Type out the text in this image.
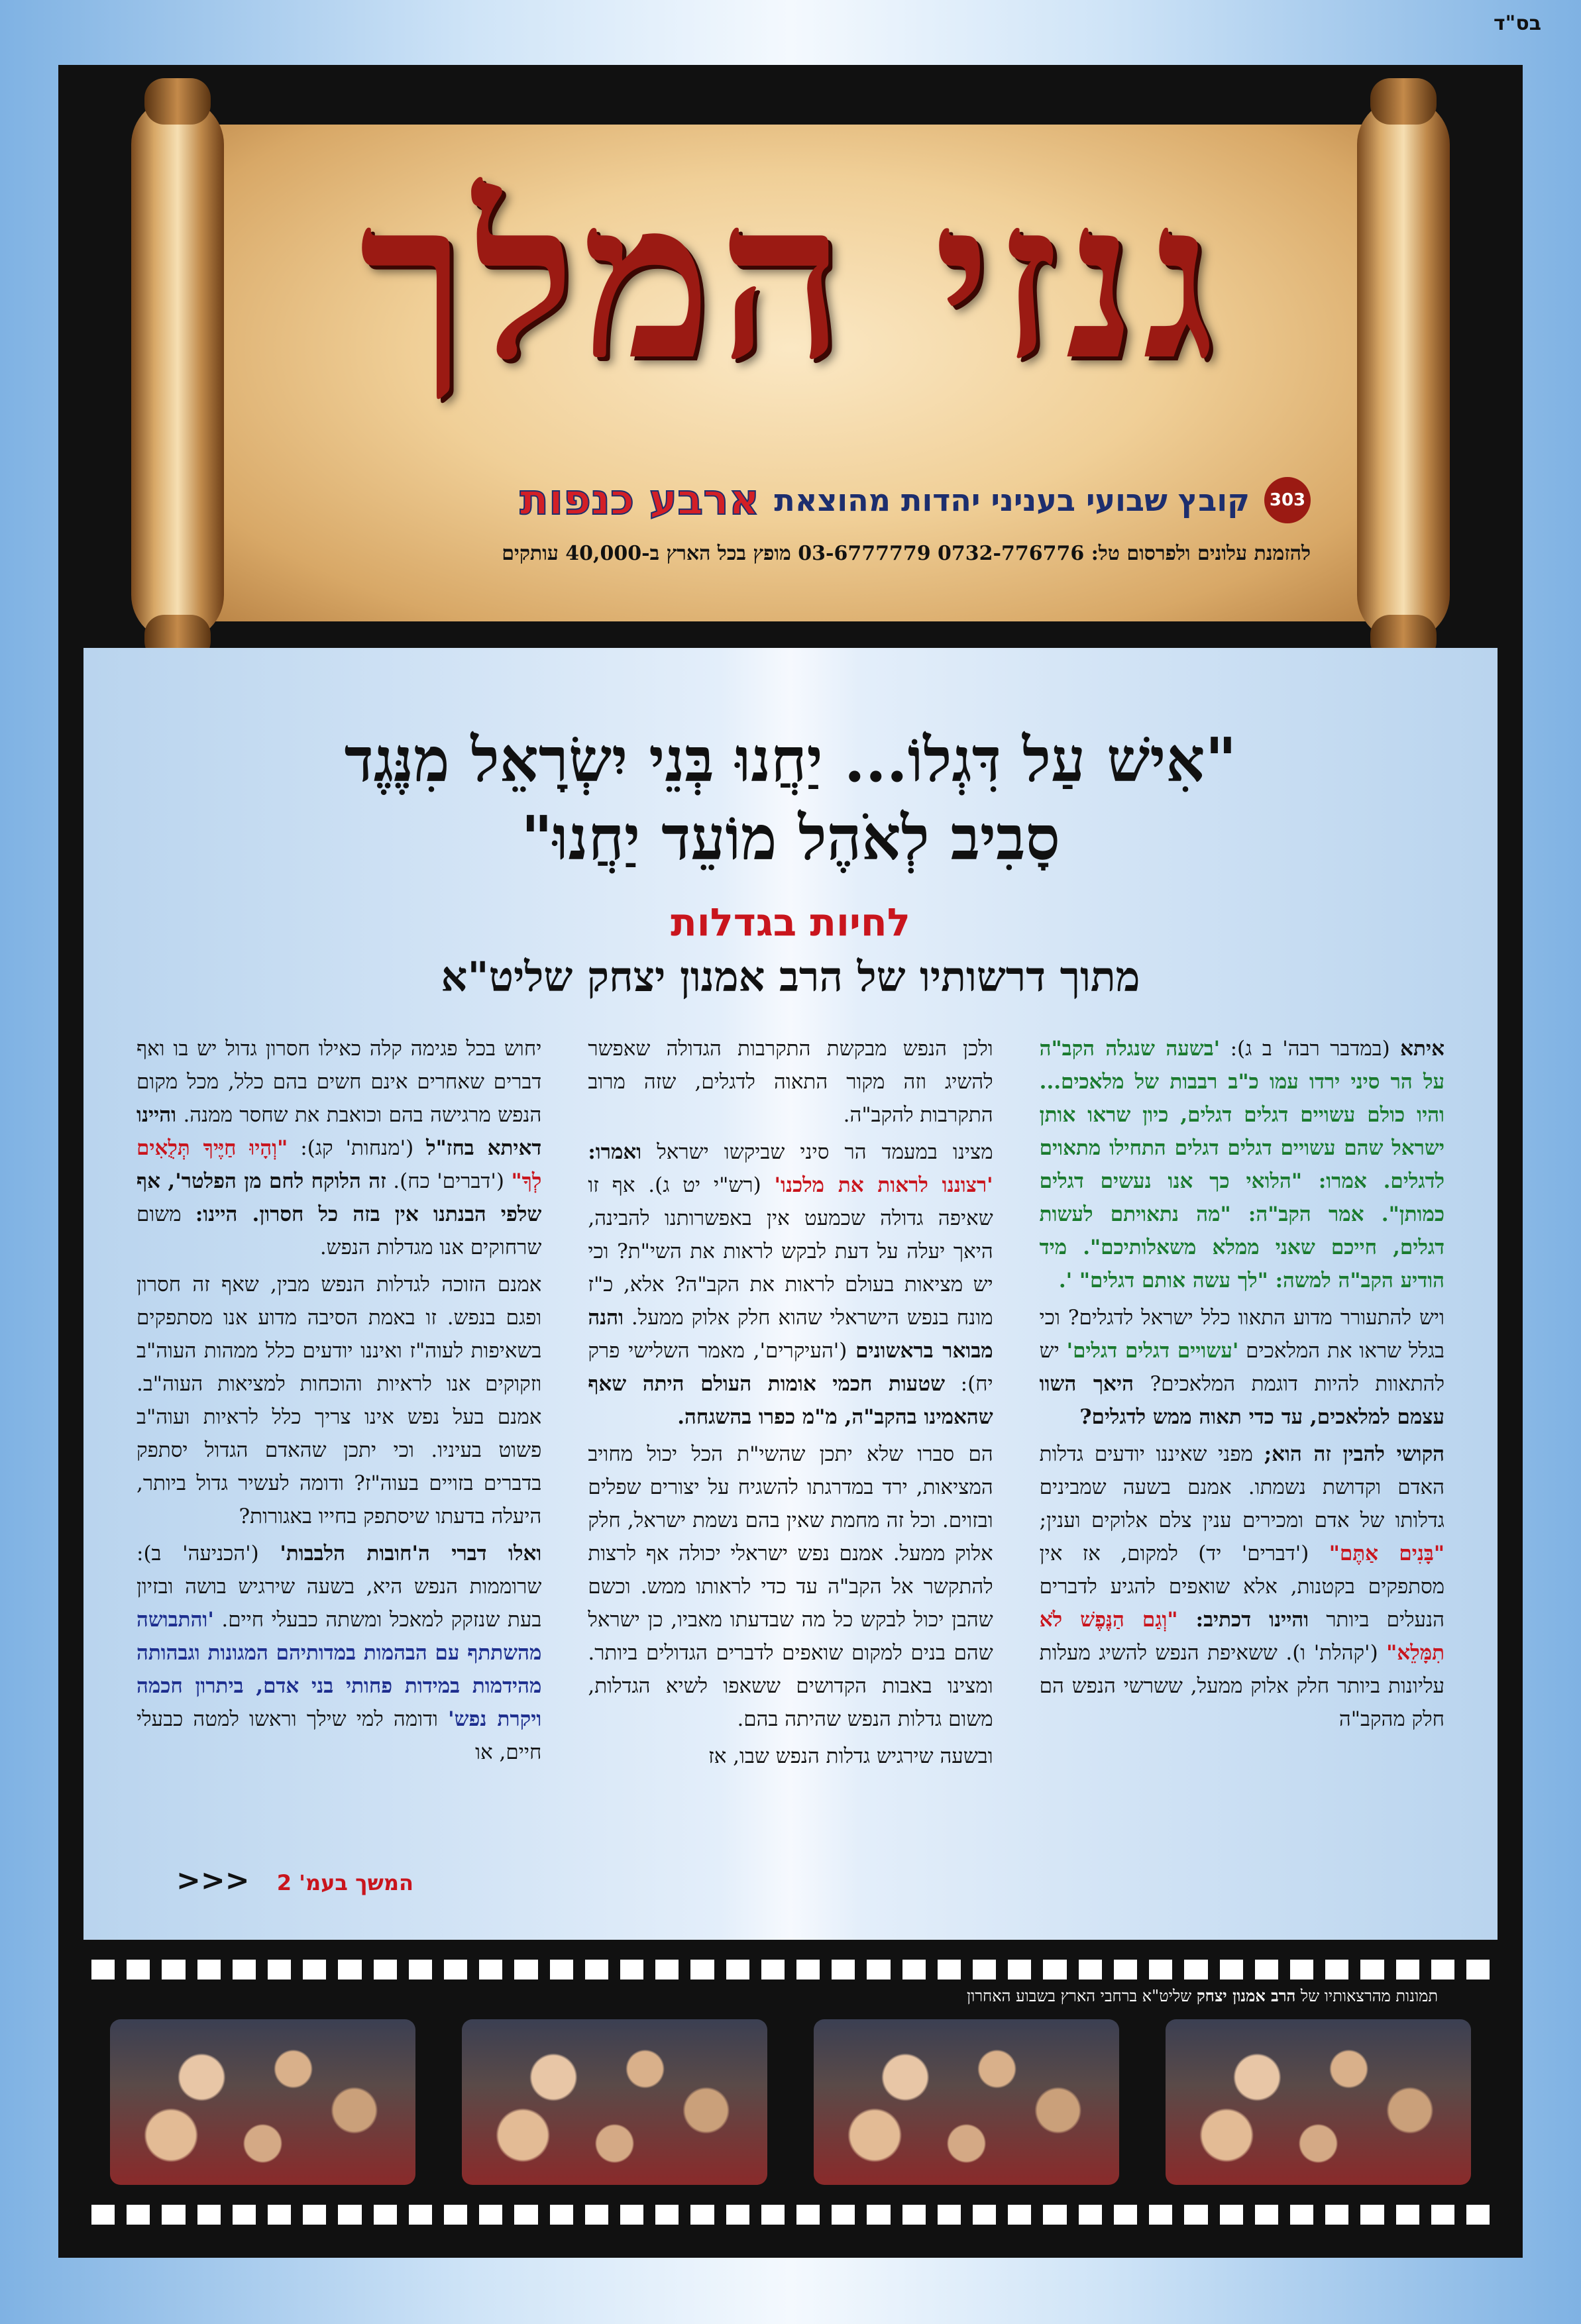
בס"ד
גנזי המלך
303
קובץ שבועי בעניני יהדות מהוצאת
ארבע כנפות
להזמנת עלונים ולפרסום טל: 0732-776776 03-6777779 מופץ בכל הארץ ב-40,000 עותקים
"אִישׁ עַל דִּגְלוֹ... יַחֲנוּ בְּנֵי יִשְׂרָאֵל מִנֶּגֶד
סָבִיב לְאֹהֶל מוֹעֵד יַחֲנוּ"
לחיות בגדלות
מתוך דרשותיו של הרב אמנון יצחק שליט"א

איתא (במדבר רבה' ב ג): 'בשעה שנגלה הקב"ה על הר סיני ירדו עמו כ"ב רבבות של מלאכים... והיו כולם עשויים דגלים דגלים, כיון שראו אותן ישראל שהם עשויים דגלים דגלים התחילו מתאוים לדגלים. אמרו: "הלואי כך אנו נעשים דגלים כמותן". אמר הקב"ה: "מה נתאויתם לעשות דגלים, חייכם שאני ממלא משאלותיכם". מיד הודיע הקב"ה למשה: "לך עשה אותם דגלים" '.

ויש להתעורר מדוע התאוו כלל ישראל לדגלים? וכי בגלל שראו את המלאכים 'עשויים דגלים דגלים' יש להתאוות להיות דוגמת המלאכים? היאך השוו עצמם למלאכים, עד כדי תאוה ממש לדגלים?

הקושי להבין זה הוא; מפני שאיננו יודעים גדלות האדם וקדושת נשמתו. אמנם בשעה שמבינים גדלותו של אדם ומכירים ענין צלם אלוקים וענין; "בָּנִים אַתֶּם" ('דברים' יד) למקום, אז אין מסתפקים בקטנות, אלא שואפים להגיע לדברים הנעלים ביותר והיינו דכתיב: "וְגַם הַנֶּפֶשׁ לֹא תִמָּלֵא" ('קהלת' ו). ששאיפת הנפש להשיג מעלות עליונות ביותר חלק אלוק ממעל, ששרשי הנפש הם חלק מהקב"ה

ולכן הנפש מבקשת התקרבות הגדולה שאפשר להשיג וזה מקור התאוה לדגלים, שזה מרוב התקרבות להקב"ה.

מצינו במעמד הר סיני שביקשו ישראל ואמרו: 'רצוננו לראות את מלכנו' (רש"י יט ג). אף זו שאיפה גדולה שכמעט אין באפשרותנו להבינה, היאך יעלה על דעת לבקש לראות את השי"ת? וכי יש מציאות בעולם לראות את הקב"ה? אלא, כ"ז מונח בנפש הישראלי שהוא חלק אלוק ממעל. והנה מבואר בראשונים ('העיקרים', מאמר השלישי פרק יח): שטעות חכמי אומות העולם היתה שאף שהאמינו בהקב"ה, מ"מ כפרו בהשגחה.

הם סברו שלא יתכן שהשי"ת הכל יכול מחויב המציאות, ירד במדרגתו להשגיח על יצורים שפלים ובזוים. וכל זה מחמת שאין בהם נשמת ישראל, חלק אלוק ממעל. אמנם נפש ישראלי יכולה אף לרצות להתקשר אל הקב"ה עד כדי לראותו ממש. וכשם שהבן יכול לבקש כל מה שבדעתו מאביו, כן ישראל שהם בנים למקום שואפים לדברים הגדולים ביותר. ומצינו באבות הקדושים ששאפו לשיא הגדלות, משום גדלות הנפש שהיתה בהם.

ובשעה שירגיש גדלות הנפש שבו, אז

יחוש בכל פגימה קלה כאילו חסרון גדול יש בו ואף דברים שאחרים אינם חשים בהם כלל, מכל מקום הנפש מרגישה בהם וכואבת את שחסר ממנה. והיינו דאיתא בחז"ל ('מנחות' קג): "וְהָיוּ חַיֶּיךָ תְּלֻאִים לְךָ" ('דברים' כח). זה הלוקח לחם מן הפלטר', אף שלפי הבנתנו אין בזה כל חסרון. היינו: משום שרחוקים אנו מגדלות הנפש.

אמנם הזוכה לגדלות הנפש מבין, שאף זה חסרון ופגם בנפש. זו באמת הסיבה מדוע אנו מסתפקים בשאיפות לעוה"ז ואיננו יודעים כלל ממהות העוה"ב וזקוקים אנו לראיות והוכחות למציאות העוה"ב. אמנם בעל נפש אינו צריך כלל לראיות ועוה"ב פשוט בעיניו. וכי יתכן שהאדם הגדול יסתפק בדברים בזויים בעוה"ז? ודומה לעשיר גדול ביותר, היעלה בדעתו שיסתפק בחייו באגורות?

ואלו דברי ה'חובות הלבבות' ('הכניעה' ב): שרוממות הנפש היא, בשעה שירגיש בושה ובזיון בעת שנזקק למאכל ומשתה כבעלי חיים. 'והתבושה מהשתתף עם הבהמות במדותיהם המגונות וגבהותה מהידמות במידות פחותי בני אדם, ביתרון חכמה ויקרת נפש' ודומה למי שילך וראשו למטה כבעלי חיים, או

המשך בעמ' 2 <<<
תמונות מהרצאותיו של הרב אמנון יצחק שליט"א ברחבי הארץ בשבוע האחרון
